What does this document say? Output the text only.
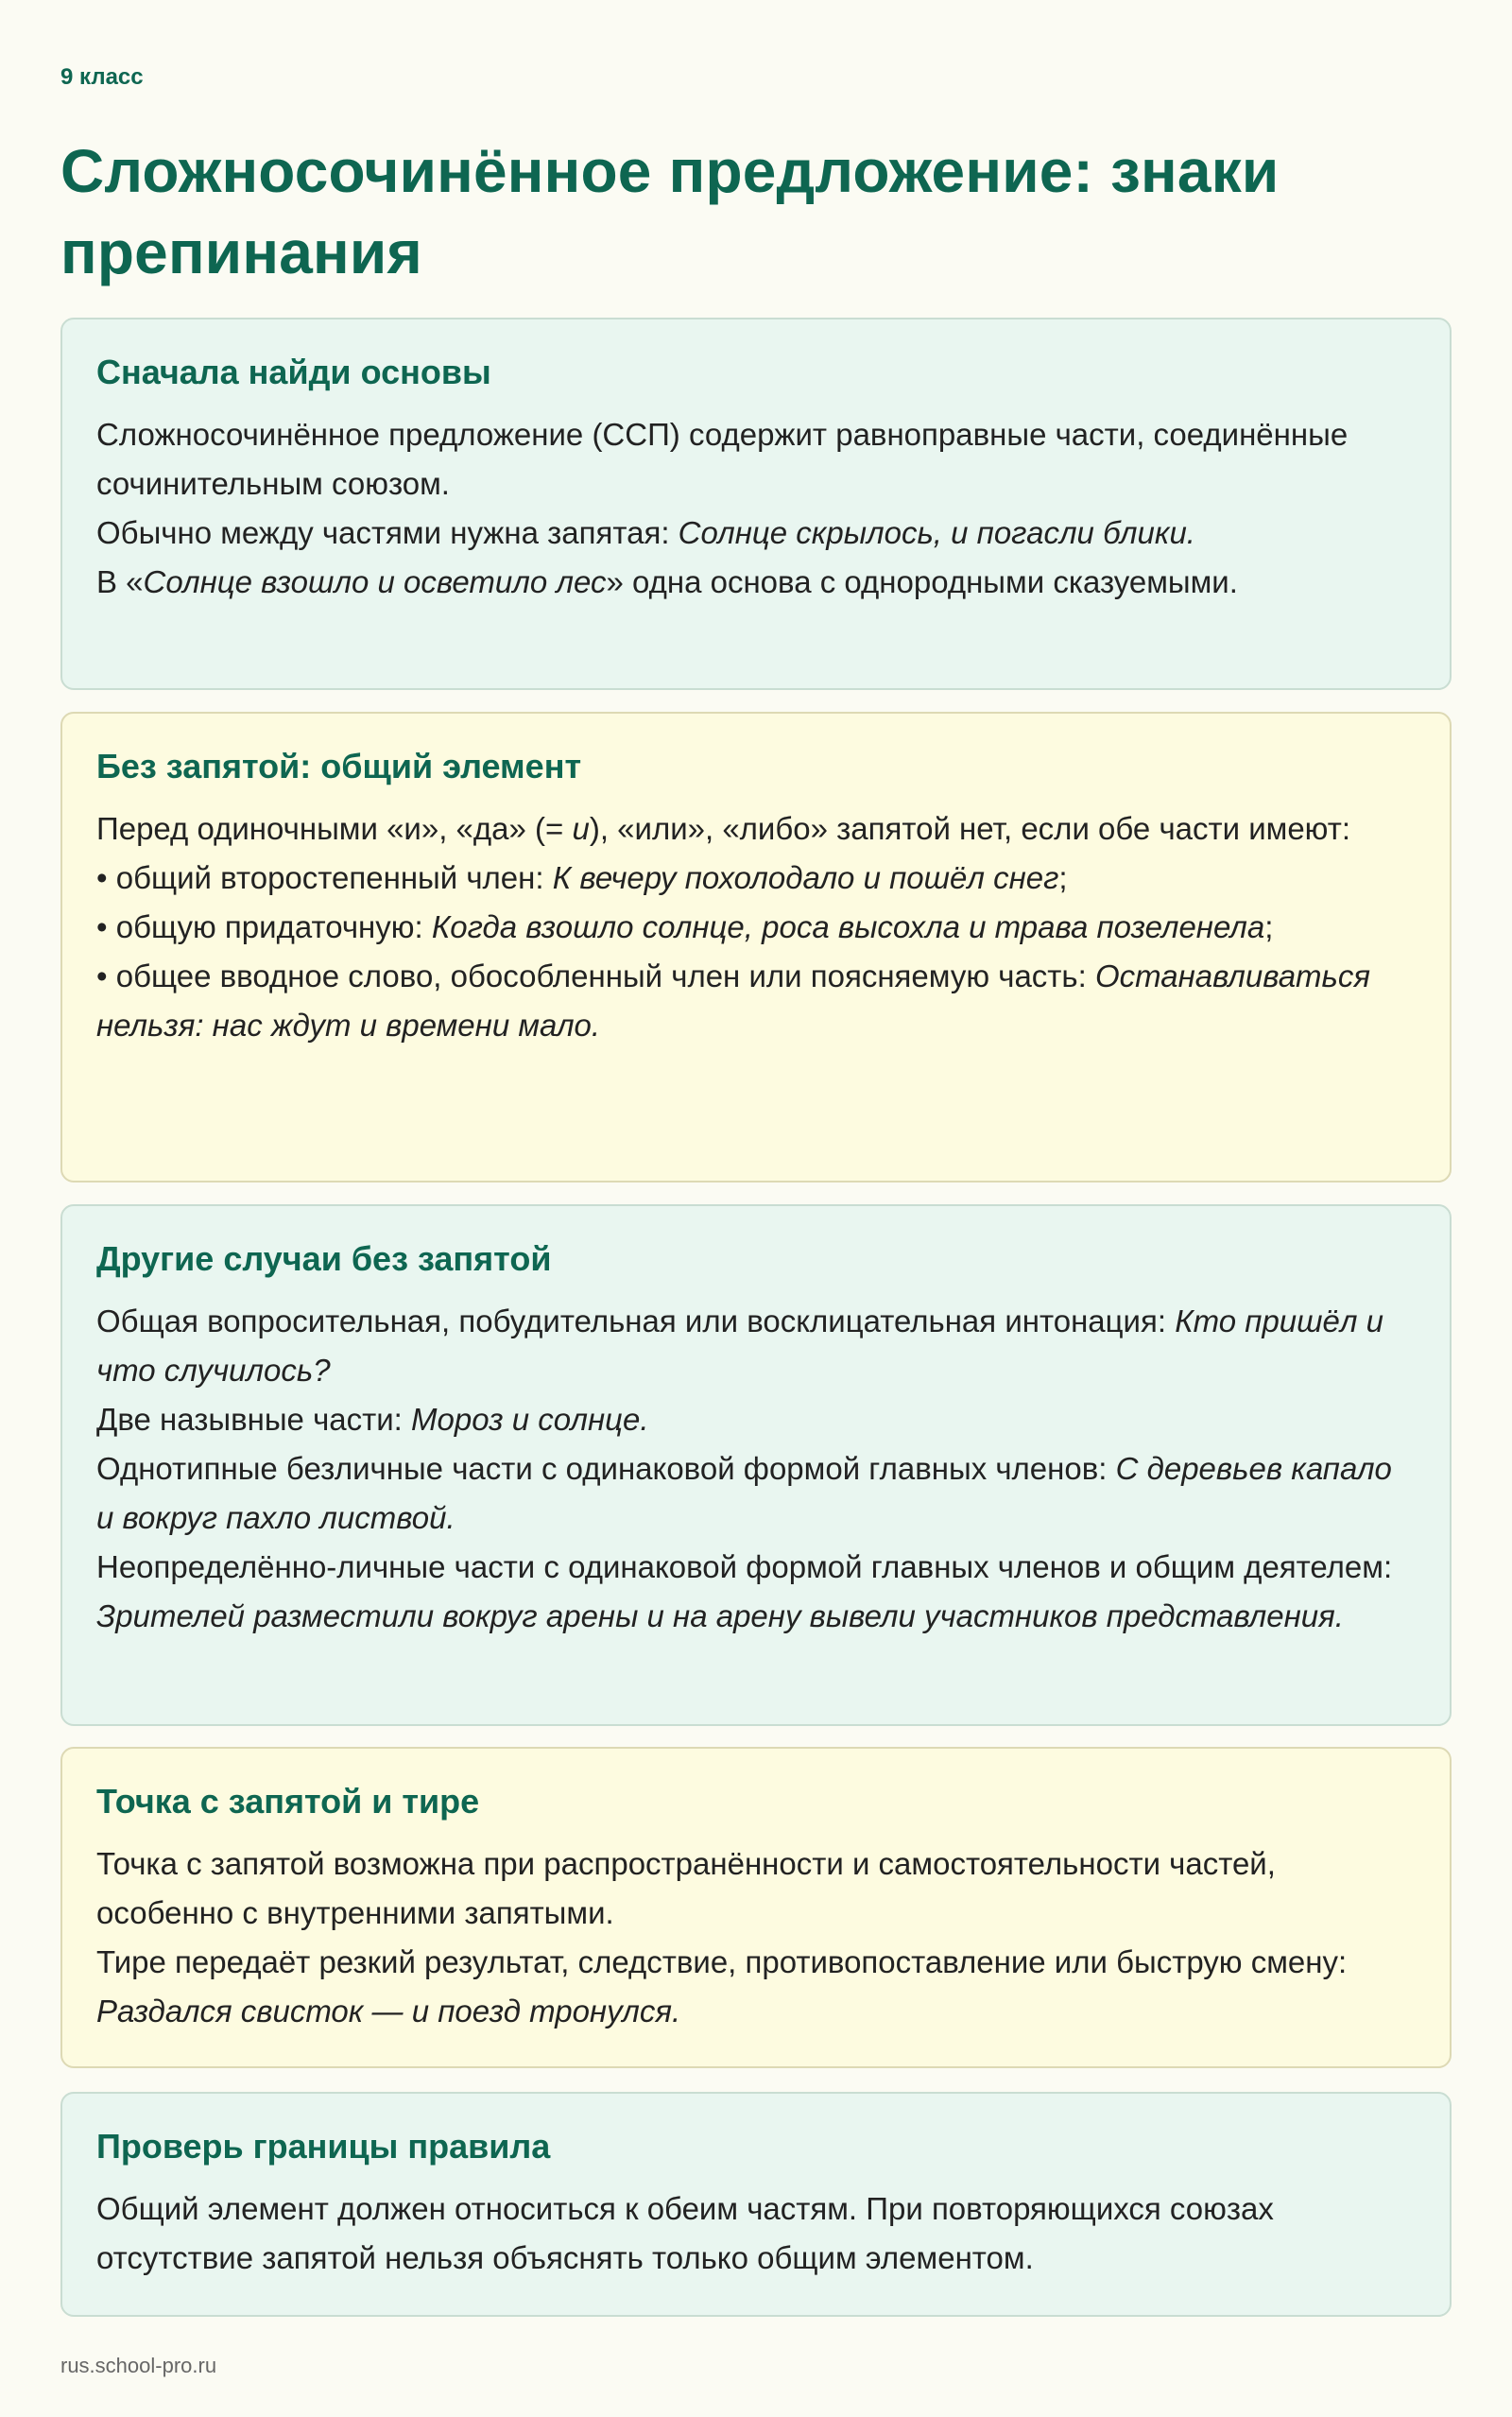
9 класс
Сложносочинённое предложение: знаки препинания
Сначала найди основы
Сложносочинённое предложение (ССП) содержит равноправные части, соединённые сочинительным союзом.
Обычно между частями нужна запятая: Солнце скрылось, и погасли блики.
В «Солнце взошло и осветило лес» одна основа с однородными сказуемыми.
Без запятой: общий элемент
Перед одиночными «и», «да» (= и), «или», «либо» запятой нет, если обе части имеют:
• общий второстепенный член: К вечеру похолодало и пошёл снег;
• общую придаточную: Когда взошло солнце, роса высохла и трава позеленела;
• общее вводное слово, обособленный член или поясняемую часть: Останавливаться нельзя: нас ждут и времени мало.
Другие случаи без запятой
Общая вопросительная, побудительная или восклицательная интонация: Кто пришёл и что случилось?
Две назывные части: Мороз и солнце.
Однотипные безличные части с одинаковой формой главных членов: С деревьев капало и вокруг пахло листвой.
Неопределённо-личные части с одинаковой формой главных членов и общим деятелем: Зрителей разместили вокруг арены и на арену вывели участников представления.
Точка с запятой и тире
Точка с запятой возможна при распространённости и самостоятельности частей, особенно с внутренними запятыми.
Тире передаёт резкий результат, следствие, противопоставление или быструю смену: Раздался свисток — и поезд тронулся.
Проверь границы правила
Общий элемент должен относиться к обеим частям. При повторяющихся союзах отсутствие запятой нельзя объяснять только общим элементом.
rus.school-pro.ru
